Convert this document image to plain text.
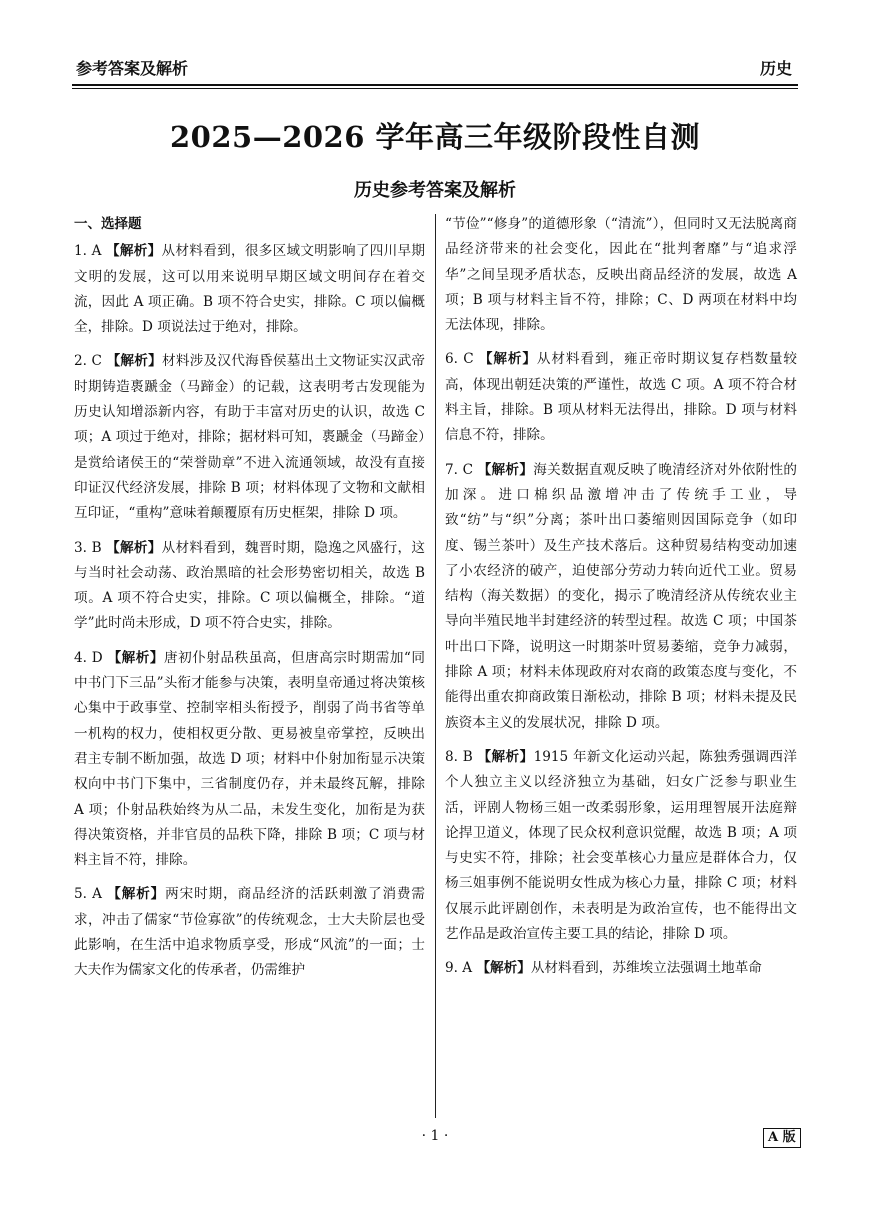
参考答案及解析	历史
2025—2026 学年高三年级阶段性自测
历史参考答案及解析
一、选择题
1. A 【解析】从材料看到，很多区域文明影响了四川早期文明的发展，这可以用来说明早期区域文明间存在着交流，因此 A 项正确。B 项不符合史实，排除。C 项以偏概全，排除。D 项说法过于绝对，排除。
2. C 【解析】材料涉及汉代海昏侯墓出土文物证实汉武帝时期铸造褭蹏金（马蹄金）的记载，这表明考古发现能为历史认知增添新内容，有助于丰富对历史的认识，故选 C 项；A 项过于绝对，排除；据材料可知，褭蹏金（马蹄金）是赏给诸侯王的“荣誉勋章”不进入流通领域，故没有直接印证汉代经济发展，排除 B 项；材料体现了文物和文献相互印证，“重构”意味着颠覆原有历史框架，排除 D 项。
3. B 【解析】从材料看到，魏晋时期，隐逸之风盛行，这与当时社会动荡、政治黑暗的社会形势密切相关，故选 B 项。A 项不符合史实，排除。C 项以偏概全，排除。“道学”此时尚未形成，D 项不符合史实，排除。
4. D 【解析】唐初仆射品秩虽高，但唐高宗时期需加“同中书门下三品”头衔才能参与决策，表明皇帝通过将决策核心集中于政事堂、控制宰相头衔授予，削弱了尚书省等单一机构的权力，使相权更分散、更易被皇帝掌控，反映出君主专制不断加强，故选 D 项；材料中仆射加衔显示决策权向中书门下集中，三省制度仍存，并未最终瓦解，排除 A 项；仆射品秩始终为从二品，未发生变化，加衔是为获得决策资格，并非官员的品秩下降，排除 B 项；C 项与材料主旨不符，排除。
5. A 【解析】两宋时期，商品经济的活跃刺激了消费需求，冲击了儒家“节俭寡欲”的传统观念，士大夫阶层也受此影响，在生活中追求物质享受，形成“风流”的一面；士大夫作为儒家文化的传承者，仍需维护
“节俭”“修身”的道德形象（“清流”），但同时又无法脱离商品经济带来的社会变化，因此在“批判奢靡”与“追求浮华”之间呈现矛盾状态，反映出商品经济的发展，故选 A 项；B 项与材料主旨不符，排除；C、D 两项在材料中均无法体现，排除。
6. C 【解析】从材料看到，雍正帝时期议复存档数量较高，体现出朝廷决策的严谨性，故选 C 项。A 项不符合材料主旨，排除。B 项从材料无法得出，排除。D 项与材料信息不符，排除。
7. C 【解析】海关数据直观反映了晚清经济对外依附性的加深。进口棉织品激增冲击了传统手工业，导致“纺”与“织”分离；茶叶出口萎缩则因国际竞争（如印度、锡兰茶叶）及生产技术落后。这种贸易结构变动加速了小农经济的破产，迫使部分劳动力转向近代工业。贸易结构（海关数据）的变化，揭示了晚清经济从传统农业主导向半殖民地半封建经济的转型过程。故选 C 项；中国茶叶出口下降，说明这一时期茶叶贸易萎缩，竞争力减弱，排除 A 项；材料未体现政府对农商的政策态度与变化，不能得出重农抑商政策日渐松动，排除 B 项；材料未提及民族资本主义的发展状况，排除 D 项。
8. B 【解析】1915 年新文化运动兴起，陈独秀强调西洋个人独立主义以经济独立为基础，妇女广泛参与职业生活，评剧人物杨三姐一改柔弱形象，运用理智展开法庭辩论捍卫道义，体现了民众权利意识觉醒，故选 B 项；A 项与史实不符，排除；社会变革核心力量应是群体合力，仅杨三姐事例不能说明女性成为核心力量，排除 C 项；材料仅展示此评剧创作，未表明是为政治宣传，也不能得出文艺作品是政治宣传主要工具的结论，排除 D 项。
9. A 【解析】从材料看到，苏维埃立法强调土地革命
· 1 ·	A 版
